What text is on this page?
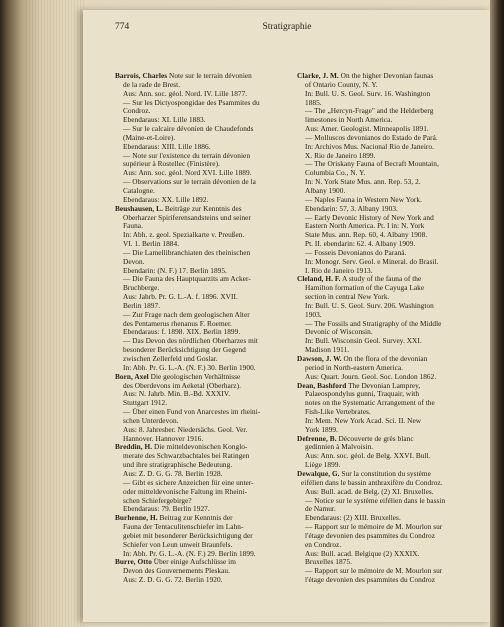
774	Stratigraphie
Barrois, Charles Note sur le terrain dévonien
de la rade de Brest.
Aus: Ann. soc. géol. Nord. IV. Lille 1877.
— Sur les Dictyospongidae des Psammites du
Condroz.
Ebendaraus: XI. Lille 1883.
— Sur le calcaire dévonien de Chaudefonds
(Maine-et-Loire).
Ebendaraus: XIII. Lille 1886.
— Note sur l'existence du terrain dévonien
supérieur à Rostellec (Finistère).
Aus: Ann. soc. géol. Nord XVI. Lille 1889.
— Observations sur le terrain dévonien de la
Catalogne.
Ebendaraus: XX. Lille 1892.
Beushausen, L. Beiträge zur Kenntnis des
Oberharzer Spiriferensandsteins und seiner
Fauna.
In: Abh. z. geol. Spezialkarte v. Preußen.
VI. 1. Berlin 1884.
— Die Lamellibranchiaten des rheinischen
Devon.
Ebendarin: (N. F.) 17. Berlin 1895.
— Die Fauna des Hauptquarzits am Acker-
Bruchberge.
Aus: Jahrb. Pr. G. L.-A. f. 1896. XVII.
Berlin 1897.
— Zur Frage nach dem geologischen Alter
des Pentamerus rhenanus F. Roemer.
Ebendaraus: f. 1898. XIX. Berlin 1899.
— Das Devon des nördlichen Oberharzes mit
besonderer Berücksichtigung der Gegend
zwischen Zellerfeld und Goslar.
In: Abh. Pr. G. L.-A. (N. F.) 30. Berlin 1900.
Born, Axel Die geologischen Verhältnisse
des Oberdevons im Aeketal (Oberharz).
Aus: N. Jahrb. Min. B.-Bd. XXXIV.
Stuttgart 1912.
— Über einen Fund von Anarcestes im rheini-
schen Unterdevon.
Aus: 8. Jahresber. Niedersächs. Geol. Ver.
Hannover. Hannover 1916.
Breddin, H. Die mitteldevonischen Konglo-
merate des Schwarzbachtales bei Ratingen
und ihre stratigraphische Bedeutung.
Aus: Z. D. G. G. 78. Berlin 1928.
— Gibt es sichere Anzeichen für eine unter-
oder mitteldevonische Faltung im Rheini-
schen Schiefergebirge?
Ebendaraus: 79. Berlin 1927.
Burhenne, H. Beitrag zur Kenntnis der
Fauna der Tentaculitenschiefer im Lahn-
gebiet mit besonderer Berücksichtigung der
Schiefer von Leun unweit Braunfels.
In: Abh. Pr. G. L.-A. (N. F.) 29. Berlin 1899.
Burre, Otto Über einige Aufschlüsse im
Devon des Gouvernements Pleskau.
Aus: Z. D. G. G. 72. Berlin 1920.
Clarke, J. M. On the higher Devonian faunas
of Ontario County, N. Y.
In: Bull. U. S. Geol. Surv. 16. Washington
1885.
— The „Hercyn-Frage" and the Helderberg
limestones in North America.
Aus: Amer. Geologist. Minneapolis 1891.
— Molluscos devonianos do Estado de Pará.
In: Archivos Mus. Nacional Rio de Janeiro.
X. Rio de Janeiro 1899.
— The Oriskany Fauna of Becraft Mountain,
Columbia Co., N. Y.
In: N. York State Mus. ann. Rep. 53, 2.
Albany 1900.
— Naples Fauna in Western New York.
Ebendarin: 57, 3. Albany 1903.
— Early Devonic History of New York and
Eastern North America. Pt. I in: N. York
State Mus. ann. Rep. 60, 4. Albany 1908.
Pt. II. ebendarin: 62. 4. Albany 1909.
— Fosseis Devonianos do Paraná.
In: Monogr. Serv. Geol. e Mineral. do Brasil.
I. Rio de Janeiro 1913.
Cleland, H. F. A study of the fauna of the
Hamilton formation of the Cayuga Lake
section in central New York.
In: Bull. U. S. Geol. Surv. 206. Washington
1903.
— The Fossils and Stratigraphy of the Middle
Devonic of Wisconsin.
In: Bull. Wisconsin Geol. Survey. XXI.
Madison 1911.
Dawson, J. W. On the flora of the devonian
period in North-eastern America.
Aus: Quart. Journ. Geol. Soc. London 1862.
Dean, Bashford The Devonian Lamprey,
Palaeospondylus gunni, Traquair, with
notes on the Systematic Arrangement of the
Fish-Like Vertebrates.
In: Mem. New York Acad. Sci. II. New
York 1899.
Defrenne, B. Découverte de grès blanc
gedinnien à Malvoisin.
Aus: Ann. soc. géol. de Belg. XXVI. Bull.
Liège 1899.
Dewalque, G. Sur la constitution du système
eifélien dans le bassin anthraxifère du Condroz.
Aus: Bull. acad. de Belg. (2) XI. Bruxelles.
— Notice sur le système eifélien dans le bassin
de Namur.
Ebendaraus: (2) XIII. Bruxelles.
— Rapport sur le mémoire de M. Mourlon sur
l'étage devonien des psammites du Condroz
en Condroz.
Aus: Bull. acad. Belgique (2) XXXIX.
Bruxelles 1875.
— Rapport sur le mémoire de M. Mourlon sur
l'étage devonien des psammites du Condroz
